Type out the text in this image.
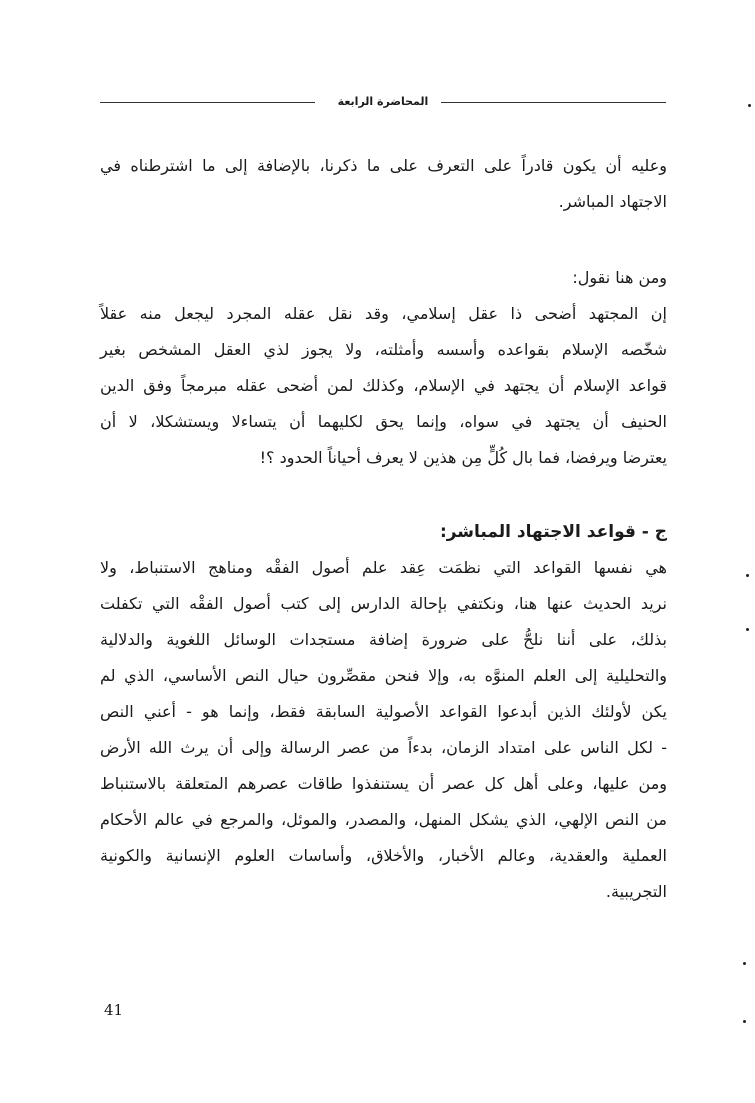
المحاضرة الرابعة
وعليه أن يكون قادراً على التعرف على ما ذكرنا، بالإضافة إلى ما اشترطناه في
الاجتهاد المباشر.
ومن هنا نقول:
إن المجتهد أضحى ذا عقل إسلامي، وقد نقل عقله المجرد ليجعل منه عقلاً
شخّصه الإسلام بقواعده وأسسه وأمثلته، ولا يجوز لذي العقل المشخص بغير
قواعد الإسلام أن يجتهد في الإسلام، وكذلك لمن أضحى عقله مبرمجاً وفق الدين
الحنيف أن يجتهد في سواه، وإنما يحق لكليهما أن يتساءلا ويستشكلا، لا أن
يعترضا ويرفضا، فما بال كُلٍّ مِن هذين لا يعرف أحياناً الحدود ؟!
ج - قواعد الاجتهاد المباشر:
هي نفسها القواعد التي نظمَت عِقد علم أصول الفقْه ومناهج الاستنباط، ولا
نريد الحديث عنها هنا، ونكتفي بإحالة الدارس إلى كتب أصول الفقْه التي تكفلت
بذلك، على أننا نلحُّ على ضرورة إضافة مستجدات الوسائل اللغوية والدلالية
والتحليلية إلى العلم المنوَّه به، وإلا فنحن مقصِّرون حيال النص الأساسي، الذي لم
يكن لأولئك الذين أبدعوا القواعد الأصولية السابقة فقط، وإنما هو - أعني النص
- لكل الناس على امتداد الزمان، بدءاً من عصر الرسالة وإلى أن يرث الله الأرض
ومن عليها، وعلى أهل كل عصر أن يستنفذوا طاقات عصرهم المتعلقة بالاستنباط
من النص الإلهي، الذي يشكل المنهل، والمصدر، والموئل، والمرجع في عالم الأحكام
العملية والعقدية، وعالم الأخبار، والأخلاق، وأساسات العلوم الإنسانية والكونية
التجريبية.
41
